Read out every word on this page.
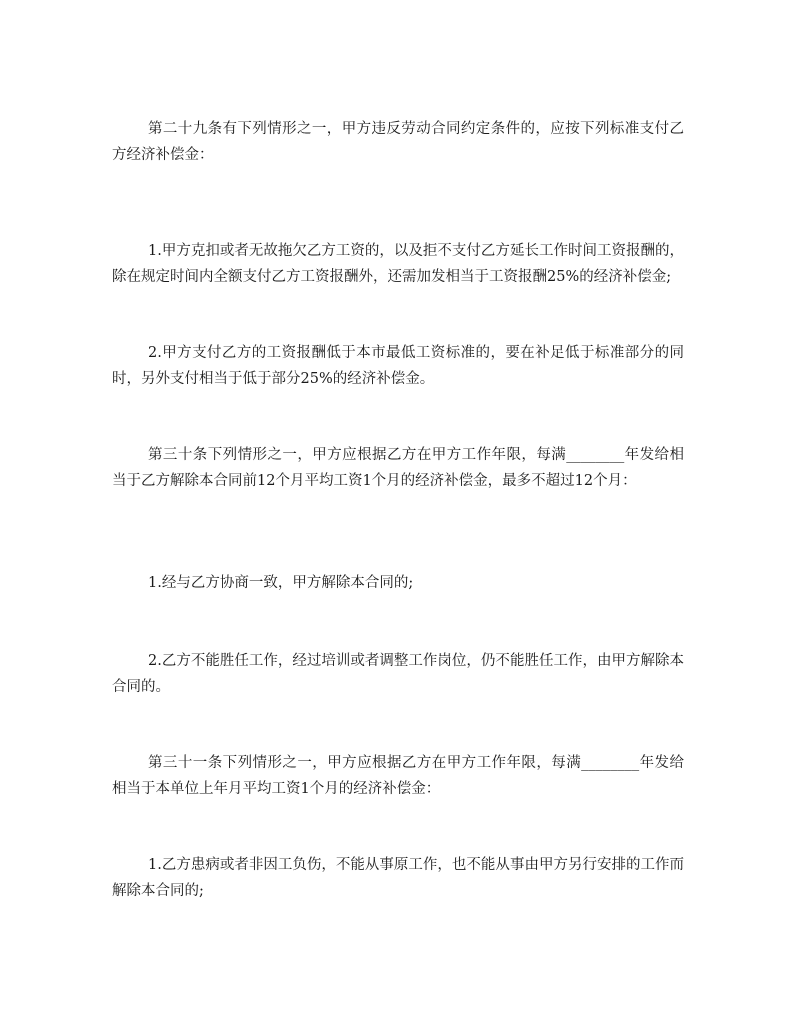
第二十九条有下列情形之一，甲方违反劳动合同约定条件的，应按下列标准支付乙方经济补偿金：

1.甲方克扣或者无故拖欠乙方工资的，以及拒不支付乙方延长工作时间工资报酬的，除在规定时间内全额支付乙方工资报酬外，还需加发相当于工资报酬25%的经济补偿金;

2.甲方支付乙方的工资报酬低于本市最低工资标准的，要在补足低于标准部分的同时，另外支付相当于低于部分25%的经济补偿金。

第三十条下列情形之一，甲方应根据乙方在甲方工作年限，每满________年发给相当于乙方解除本合同前12个月平均工资1个月的经济补偿金，最多不超过12个月：

1.经与乙方协商一致，甲方解除本合同的;

2.乙方不能胜任工作，经过培训或者调整工作岗位，仍不能胜任工作，由甲方解除本合同的。

第三十一条下列情形之一，甲方应根据乙方在甲方工作年限，每满________年发给相当于本单位上年月平均工资1个月的经济补偿金：

1.乙方患病或者非因工负伤，不能从事原工作，也不能从事由甲方另行安排的工作而解除本合同的;
